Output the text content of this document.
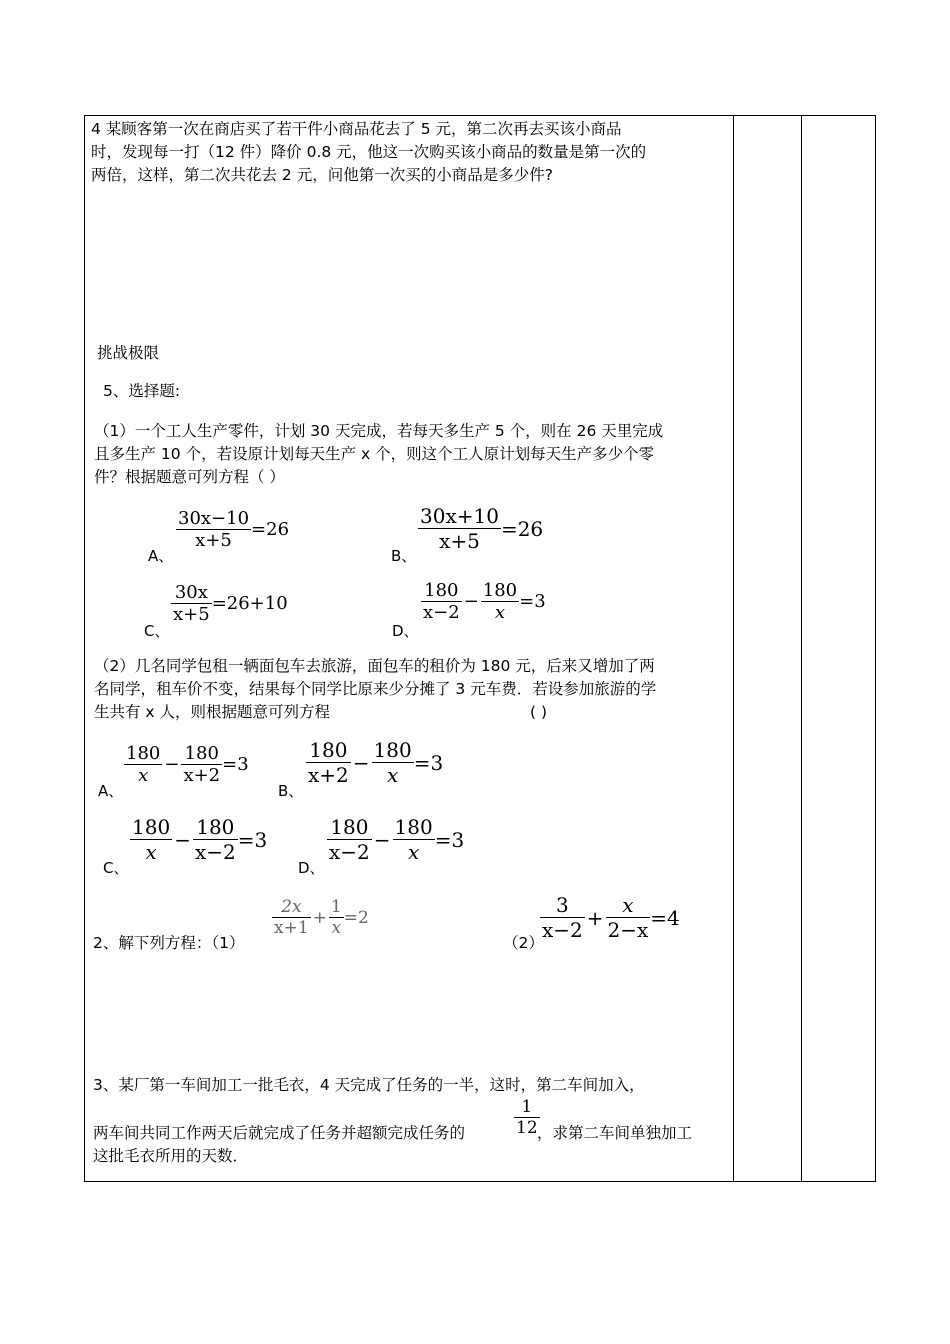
4 某顾客第一次在商店买了若干件小商品花去了 5 元，第二次再去买该小商品
时，发现每一打（12 件）降价 0.8 元，他这一次购买该小商品的数量是第一次的
两倍，这样，第二次共花去 2 元，问他第一次买的小商品是多少件?
挑战极限
5、选择题:
（1）一个工人生产零件，计划 30 天完成，若每天多生产 5 个，则在 26 天里完成
且多生产 10 个，若设原计划每天生产 x 个，则这个工人原计划每天生产多少个零
件？根据题意可列方程（ ）
A、
$\frac{30x-10}{x+5} =26$
B、
$\frac{30x+10}{x+5} =26$
C、
$\frac{30x}{x+5} =26+10$
D、
$\frac{180}{x-2} - \frac{180}{x} =3$
（2）几名同学包租一辆面包车去旅游，面包车的租价为 180 元，后来又增加了两
名同学，租车价不变，结果每个同学比原来少分摊了 3 元车费．若设参加旅游的学
生共有 x 人，则根据题意可列方程	( )
A、
$\frac{180}{x} - \frac{180}{x+2} =3$
B、
$\frac{180}{x+2} - \frac{180}{x} =3$
C、
$\frac{180}{x} - \frac{180}{x-2} =3$
D、
$\frac{180}{x-2} - \frac{180}{x} =3$
2、解下列方程：（1）
$\frac{2x}{x+1} + \frac{1}{x} =2$
（2）
$\frac{3}{x-2} + \frac{x}{2-x} =4$
3、某厂第一车间加工一批毛衣，4 天完成了任务的一半，这时，第二车间加入，
两车间共同工作两天后就完成了任务并超额完成任务的	$\frac{1}{12}$
，求第二车间单独加工
这批毛衣所用的天数．
